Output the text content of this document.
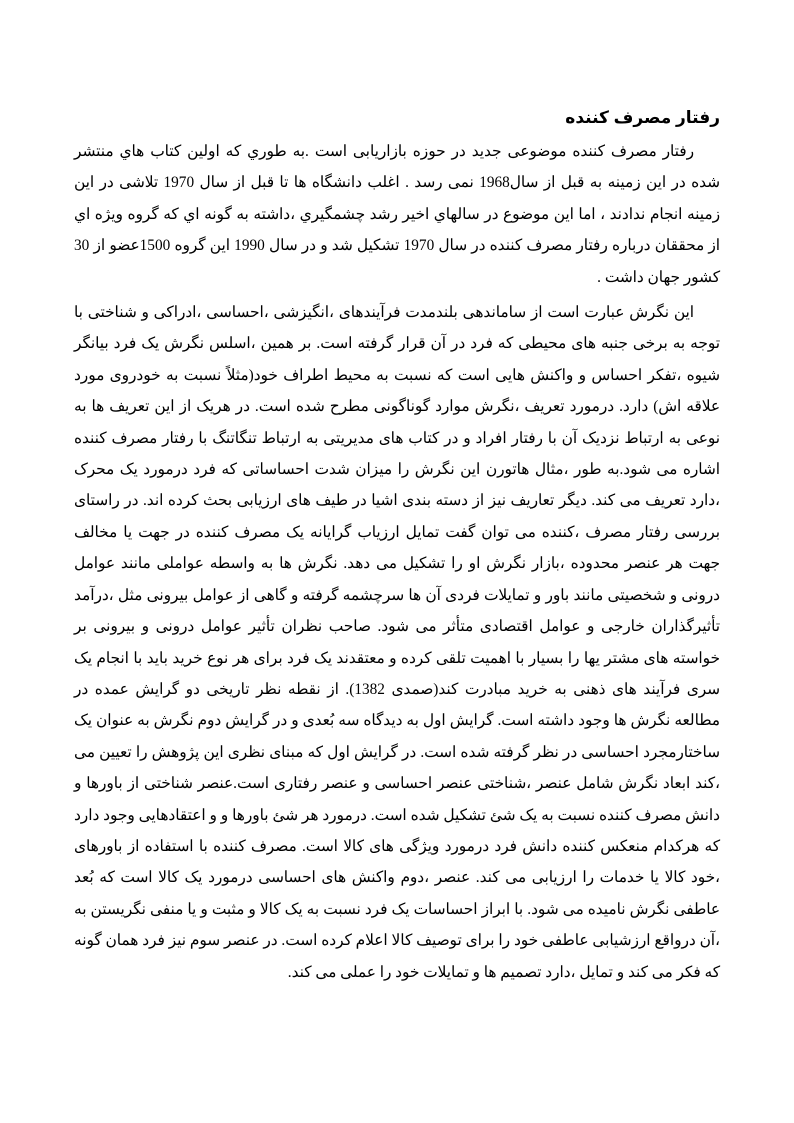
رفتار مصرف کننده

رفتار مصرف کننده موضوعی جدید در حوزه بازاریابی است .به طوري كه اولين كتاب هاي منتشر شده در اين زمينه به قبل از سال1968 نمی رسد . اغلب دانشگاه ها تا قبل از سال 1970 تلاشی در اين زمينه انجام ندادند ، اما اين موضوع در سالهاي اخير رشد چشمگيري ،داشته به گونه اي كه گروه ويژه اي از محققان درباره رفتار مصرف کننده در سال 1970 تشکیل شد و در سال 1990 اين گروه 1500عضو از 30 کشور جهان داشت .

اين نگرش عبارت است از ساماندهی بلندمدت فرآيندهای ،انگيزشی ،احساسی ،ادراکی و شناختی با توجه به برخی جنبه های محيطی که فرد در آن قرار گرفته است. بر همين ،اسلس نگرش يک فرد بيانگر شيوه ،تفکر احساس و واکنش هايی است که نسبت به محيط اطراف خود(مثلاً نسبت به خودروی مورد علاقه اش) دارد. درمورد تعريف ،نگرش موارد گوناگونی مطرح شده است. در هريک از اين تعريف ها به نوعی به ارتباط نزديک آن با رفتار افراد و در کتاب های مديريتی به ارتباط تنگاتنگ با رفتار مصرف کننده اشاره می شود.به طور ،مثال هاتورن اين نگرش را ميزان شدت احساساتی که فرد درمورد يک محرک ،دارد تعريف می کند. ديگر تعاريف نيز از دسته بندی اشيا در طيف های ارزيابی بحث کرده اند. در راستای بررسی رفتار مصرف ،کننده می توان گفت تمايل ارزياب گرايانه يک مصرف کننده در جهت يا مخالف جهت هر عنصر محدوده ،بازار نگرش او را تشکيل می دهد. نگرش ها به واسطه عواملی مانند عوامل درونی و شخصيتی مانند باور و تمايلات فردی آن ها سرچشمه گرفته و گاهی از عوامل بيرونی مثل ،درآمد تأثيرگذاران خارجی و عوامل اقتصادی متأثر می شود. صاحب نظران تأثير عوامل درونی و بيرونی بر خواسته های مشتر يها را بسيار با اهميت تلقی کرده و معتقدند يک فرد برای هر نوع خريد بايد با انجام يک سری فرآيند های ذهنی به خريد مبادرت کند(صمدی 1382). از نقطه نظر تاريخی دو گرايش عمده در مطالعه نگرش ها وجود داشته است. گرايش اول به ديدگاه سه بُعدی و در گرايش دوم نگرش به عنوان يک ساختارمجرد احساسی در نظر گرفته شده است. در گرايش اول که مبنای نظری اين پژوهش را تعيين می ،کند ابعاد نگرش شامل عنصر ،شناختی عنصر احساسی و عنصر رفتاری است.عنصر شناختی از باورها و دانش مصرف کننده نسبت به يک شئ تشکيل شده است. درمورد هر شئ باورها و و اعتقادهايی وجود دارد که هرکدام منعکس کننده دانش فرد درمورد ويژگی های کالا است. مصرف کننده با استفاده از باورهای ،خود کالا يا خدمات را ارزيابی می کند. عنصر ،دوم واکنش های احساسی درمورد يک کالا است که بُعد عاطفی نگرش ناميده می شود. با ابراز احساسات يک فرد نسبت به يک کالا و مثبت و يا منفی نگريستن به ،آن درواقع ارزشيابی عاطفی خود را برای توصيف کالا اعلام کرده است. در عنصر سوم نيز فرد همان گونه که فکر می کند و تمايل ،دارد تصميم ها و تمايلات خود را عملی می کند.
